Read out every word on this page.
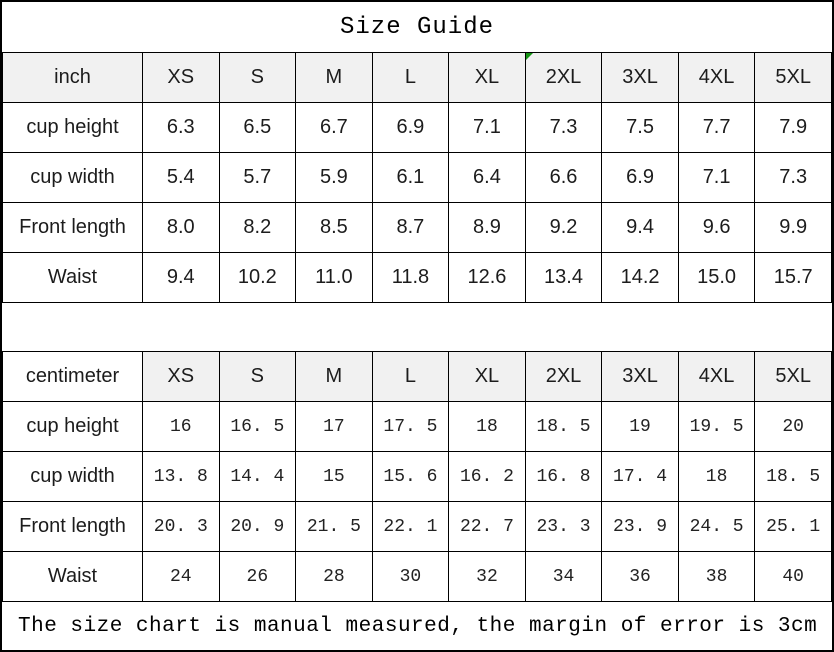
Size Guide
inch	XS	S	M	L	XL	2XL	3XL	4XL	5XL
cup height	6.3	6.5	6.7	6.9	7.1	7.3	7.5	7.7	7.9
cup width	5.4	5.7	5.9	6.1	6.4	6.6	6.9	7.1	7.3
Front length	8.0	8.2	8.5	8.7	8.9	9.2	9.4	9.6	9.9
Waist	9.4	10.2	11.0	11.8	12.6	13.4	14.2	15.0	15.7
centimeter	XS	S	M	L	XL	2XL	3XL	4XL	5XL
cup height	16	16. 5	17	17. 5	18	18. 5	19	19. 5	20
cup width	13. 8	14. 4	15	15. 6	16. 2	16. 8	17. 4	18	18. 5
Front length	20. 3	20. 9	21. 5	22. 1	22. 7	23. 3	23. 9	24. 5	25. 1
Waist	24	26	28	30	32	34	36	38	40
The size chart is manual measured, the margin of error is 3cm
